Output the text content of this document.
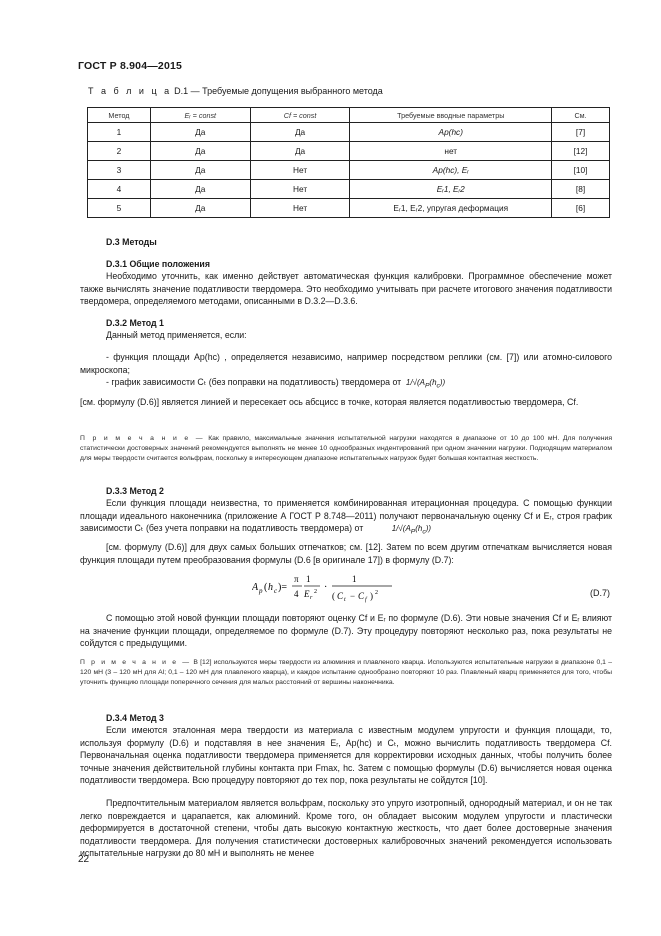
ГОСТ Р 8.904—2015
Т а б л и ц а D.1 — Требуемые допущения выбранного метода
Метод	Eᵣ = const	Cf = const	Требуемые вводные параметры	См.
1	Да	Да	Ap(hc)	[7]
2	Да	Да	нет	[12]
3	Да	Нет	Ap(hc), Eᵣ	[10]
4	Да	Нет	Eᵣ1, Eᵣ2	[8]
5	Да	Нет	Eᵣ1, Eᵣ2, упругая деформация	[6]
D.3 Методы
D.3.1 Общие положения
Необходимо уточнить, как именно действует автоматическая функция калибровки. Программное обеспечение может также вычислять значение податливости твердомера. Это необходимо учитывать при расчете итогового значения податливости твердомера, определяемого методами, описанными в D.3.2—D.3.6.
D.3.2 Метод 1
Данный метод применяется, если:
- функция площади Ap(hc) , определяется независимо, например посредством реплики (см. [7]) или атомно-силового микроскопа;
- график зависимости Cₜ (без поправки на податливость) твердомера от  $1/√(A_P(h_c))$
[см. формулу (D.6)] является линией и пересекает ось абсцисс в точке, которая является податливостью твердомера, Cf.
П р и м е ч а н и е — Как правило, максимальные значения испытательной нагрузки находятся в диапазоне от 10 до 100 мН. Для получения статистически достоверных значений рекомендуется выполнять не менее 10 однообразных индентирований при одном значении нагрузки. Подходящим материалом для меры твердости считается вольфрам, поскольку в интересующем диапазоне испытательных нагрузок будет большая контактная жесткость.
D.3.3 Метод 2
Если функция площади неизвестна, то применяется комбинированная итерационная процедура. С помощью функции площади идеального наконечника (приложение А ГОСТ Р 8.748—2011) получают первоначальную оценку Cf и Eᵣ, строя график зависимости Cₜ (без учета поправки на податливость твердомера) от	$1/√(A_P(h_c))$
[см. формулу (D.6)] для двух самых больших отпечатков; см. [12]. Затем по всем другим отпечаткам вычисляется новая функция площади путем преобразования формулы (D.6 [в оригинале 17]) в формулу (D.7):
A p ( h c )=
π
4
1
E r
2 ·
1
( C t − C f ) 2	(D.7)
С помощью этой новой функции площади повторяют оценку Cf и Eᵣ по формуле (D.6). Эти новые значения Cf и Eᵣ влияют на значение функции площади, определяемое по формуле (D.7). Эту процедуру повторяют несколько раз, пока результаты не сойдутся с предыдущими.
П р и м е ч а н и е — В [12] используются меры твердости из алюминия и плавленого кварца. Используются испытательные нагрузки в диапазоне 0,1 – 120 мН (3 – 120 мН для Al; 0,1 – 120 мН для плавленого кварца), и каждое испытание однообразно повторяют 10 раз. Плавленый кварц применяется для того, чтобы уточнить функцию площади поперечного сечения для малых расстояний от вершины наконечника.
D.3.4 Метод 3
Если имеются эталонная мера твердости из материала с известным модулем упругости и функция площади, то, используя формулу (D.6) и подставляя в нее значения Eᵣ, Ap(hc) и Cₜ, можно вычислить податливость твердомера Cf. Первоначальная оценка податливости твердомера применяется для корректировки исходных данных, чтобы получить более точные значения действительной глубины контакта при Fmax, hc. Затем с помощью формулы (D.6) вычисляется новая оценка податливости твердомера. Всю процедуру повторяют до тех пор, пока результаты не сойдутся [10].
Предпочтительным материалом является вольфрам, поскольку это упруго изотропный, однородный материал, и он не так легко повреждается и царапается, как алюминий. Кроме того, он обладает высоким модулем упругости и пластически деформируется в достаточной степени, чтобы дать высокую контактную жесткость, что дает более достоверные значения податливости твердомера. Для получения статистически достоверных калибровочных значений рекомендуется использовать испытательные нагрузки до 80 мН и выполнять не менее
22
